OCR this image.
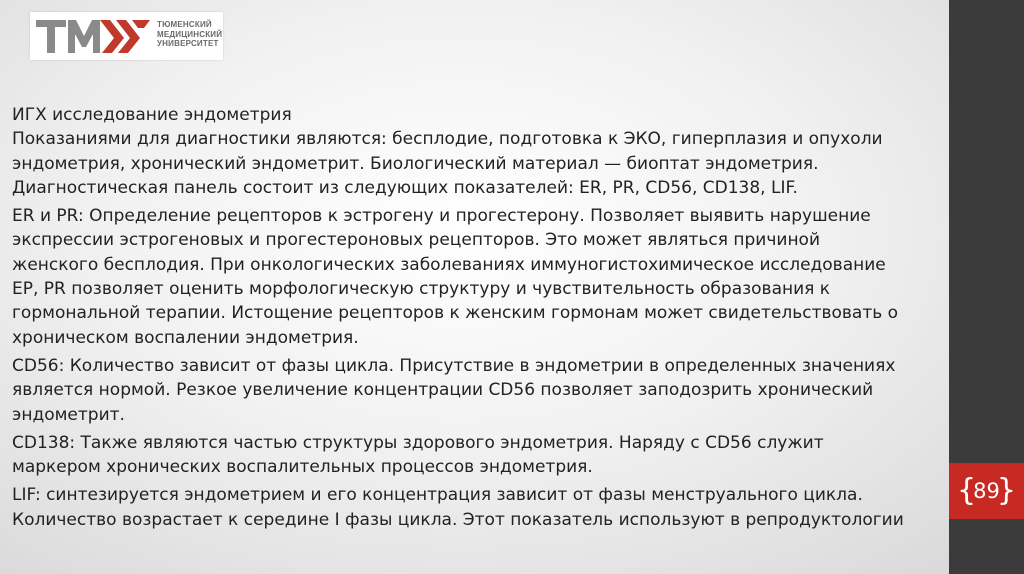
ТЮМЕНСКИЙ
МЕДИЦИНСКИЙ
УНИВЕРСИТЕТ

ИГХ исследование эндометрия
Показаниями для диагностики являются: бесплодие, подготовка к ЭКО, гиперплазия и опухоли
эндометрия, хронический эндометрит. Биологический материал — биоптат эндометрия.
Диагностическая панель состоит из следующих показателей: ER, PR, CD56, CD138, LIF.

ER и PR: Определение рецепторов к эстрогену и прогестерону. Позволяет выявить нарушение
экспрессии эстрогеновых и прогестероновых рецепторов. Это может являться причиной
женского бесплодия. При онкологических заболеваниях иммуногистохимическое исследование
ЕР, PR позволяет оценить морфологическую структуру и чувствительность образования к
гормональной терапии. Истощение рецепторов к женским гормонам может свидетельствовать о
хроническом воспалении эндометрия.

CD56: Количество зависит от фазы цикла. Присутствие в эндометрии в определенных значениях
является нормой. Резкое увеличение концентрации CD56 позволяет заподозрить хронический
эндометрит.

CD138: Также являются частью структуры здорового эндометрия. Наряду с CD56 служит
маркером хронических воспалительных процессов эндометрия.

LIF: синтезируется эндометрием и его концентрация зависит от фазы менструального цикла.
Количество возрастает к середине I фазы цикла. Этот показатель используют в репродуктологии

{
89
}
